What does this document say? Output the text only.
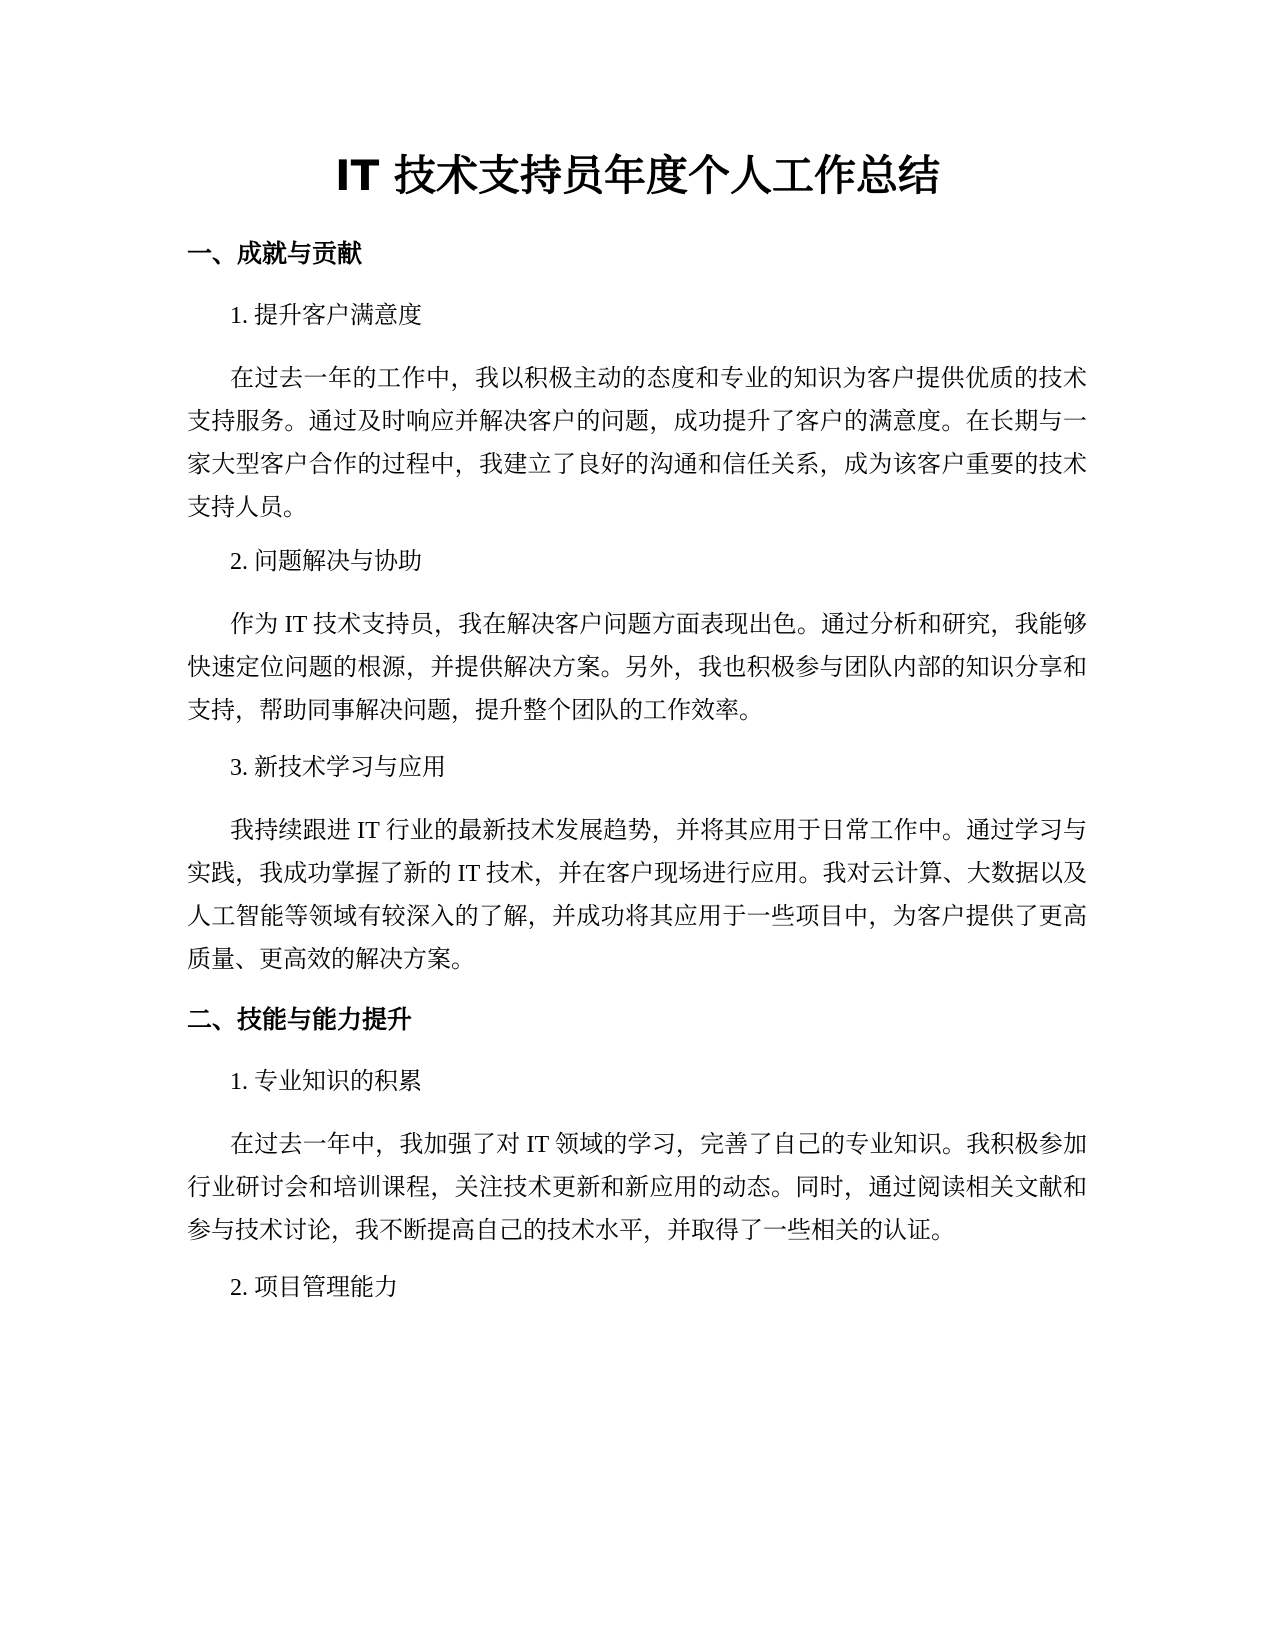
IT 技术支持员年度个人工作总结
一、成就与贡献
1. 提升客户满意度

在过去一年的工作中，我以积极主动的态度和专业的知识为客户提供优质的技术支持服务。通过及时响应并解决客户的问题，成功提升了客户的满意度。在长期与一家大型客户合作的过程中，我建立了良好的沟通和信任关系，成为该客户重要的技术支持人员。

2. 问题解决与协助

作为 IT 技术支持员，我在解决客户问题方面表现出色。通过分析和研究，我能够快速定位问题的根源，并提供解决方案。另外，我也积极参与团队内部的知识分享和支持，帮助同事解决问题，提升整个团队的工作效率。

3. 新技术学习与应用

我持续跟进 IT 行业的最新技术发展趋势，并将其应用于日常工作中。通过学习与实践，我成功掌握了新的 IT 技术，并在客户现场进行应用。我对云计算、大数据以及人工智能等领域有较深入的了解，并成功将其应用于一些项目中，为客户提供了更高质量、更高效的解决方案。

二、技能与能力提升
1. 专业知识的积累

在过去一年中，我加强了对 IT 领域的学习，完善了自己的专业知识。我积极参加行业研讨会和培训课程，关注技术更新和新应用的动态。同时，通过阅读相关文献和参与技术讨论，我不断提高自己的技术水平，并取得了一些相关的认证。

2. 项目管理能力
